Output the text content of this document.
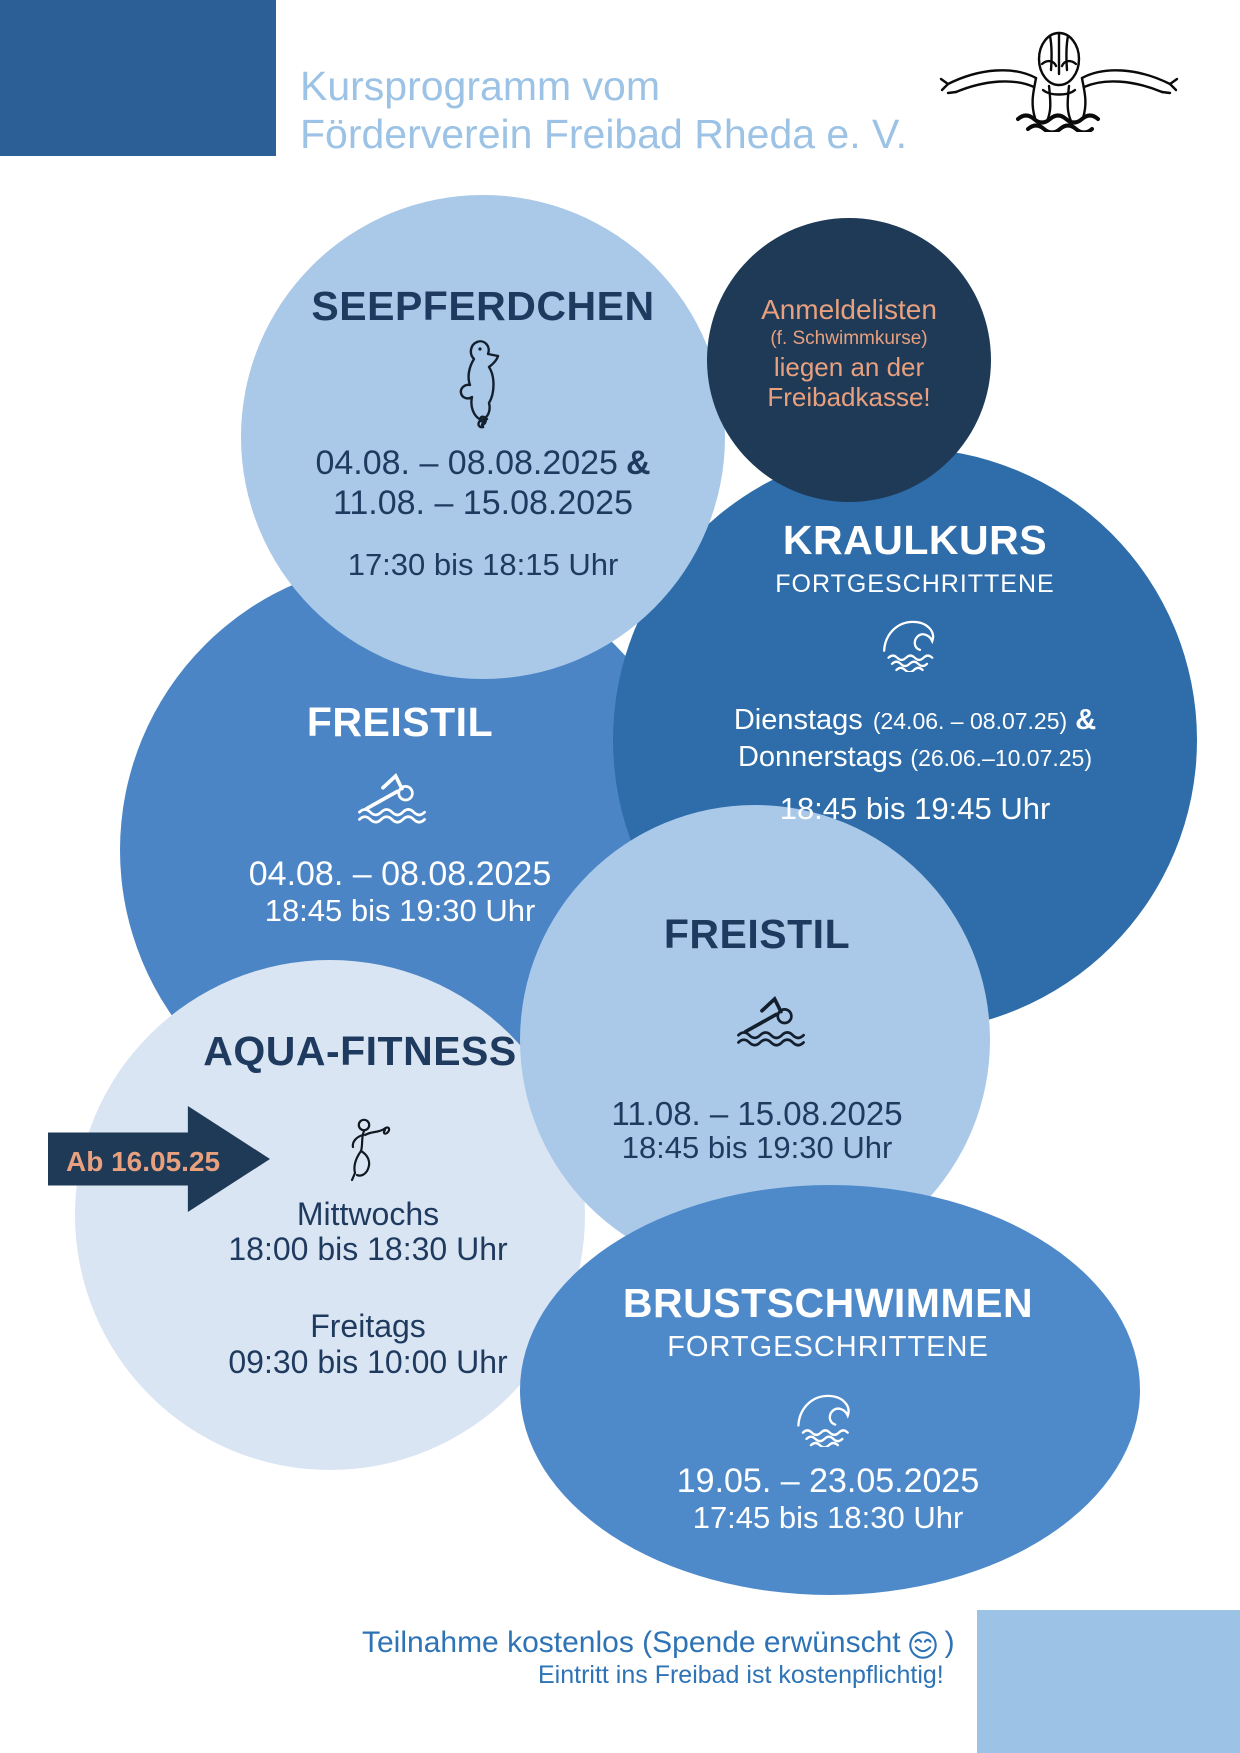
Kursprogramm vom
Förderverein Freibad Rheda e. V.
SEEPFERDCHEN
04.08. – 08.08.2025 &
11.08. – 15.08.2025
17:30 bis 18:15 Uhr
Anmeldelisten
(f. Schwimmkurse)
liegen an der
Freibadkasse!
KRAULKURS
FORTGESCHRITTENE
Dienstags (24.06. – 08.07.25) &
Donnerstags (26.06.–10.07.25)
18:45 bis 19:45 Uhr
FREISTIL
04.08. – 08.08.2025
18:45 bis 19:30 Uhr
FREISTIL
11.08. – 15.08.2025
18:45 bis 19:30 Uhr
AQUA-FITNESS
Mittwochs
18:00 bis 18:30 Uhr
Freitags
09:30 bis 10:00 Uhr
Ab 16.05.25
BRUSTSCHWIMMEN
FORTGESCHRITTENE
19.05. – 23.05.2025
17:45 bis 18:30 Uhr
Teilnahme kostenlos (Spende erwünscht )
Eintritt ins Freibad ist kostenpflichtig!
